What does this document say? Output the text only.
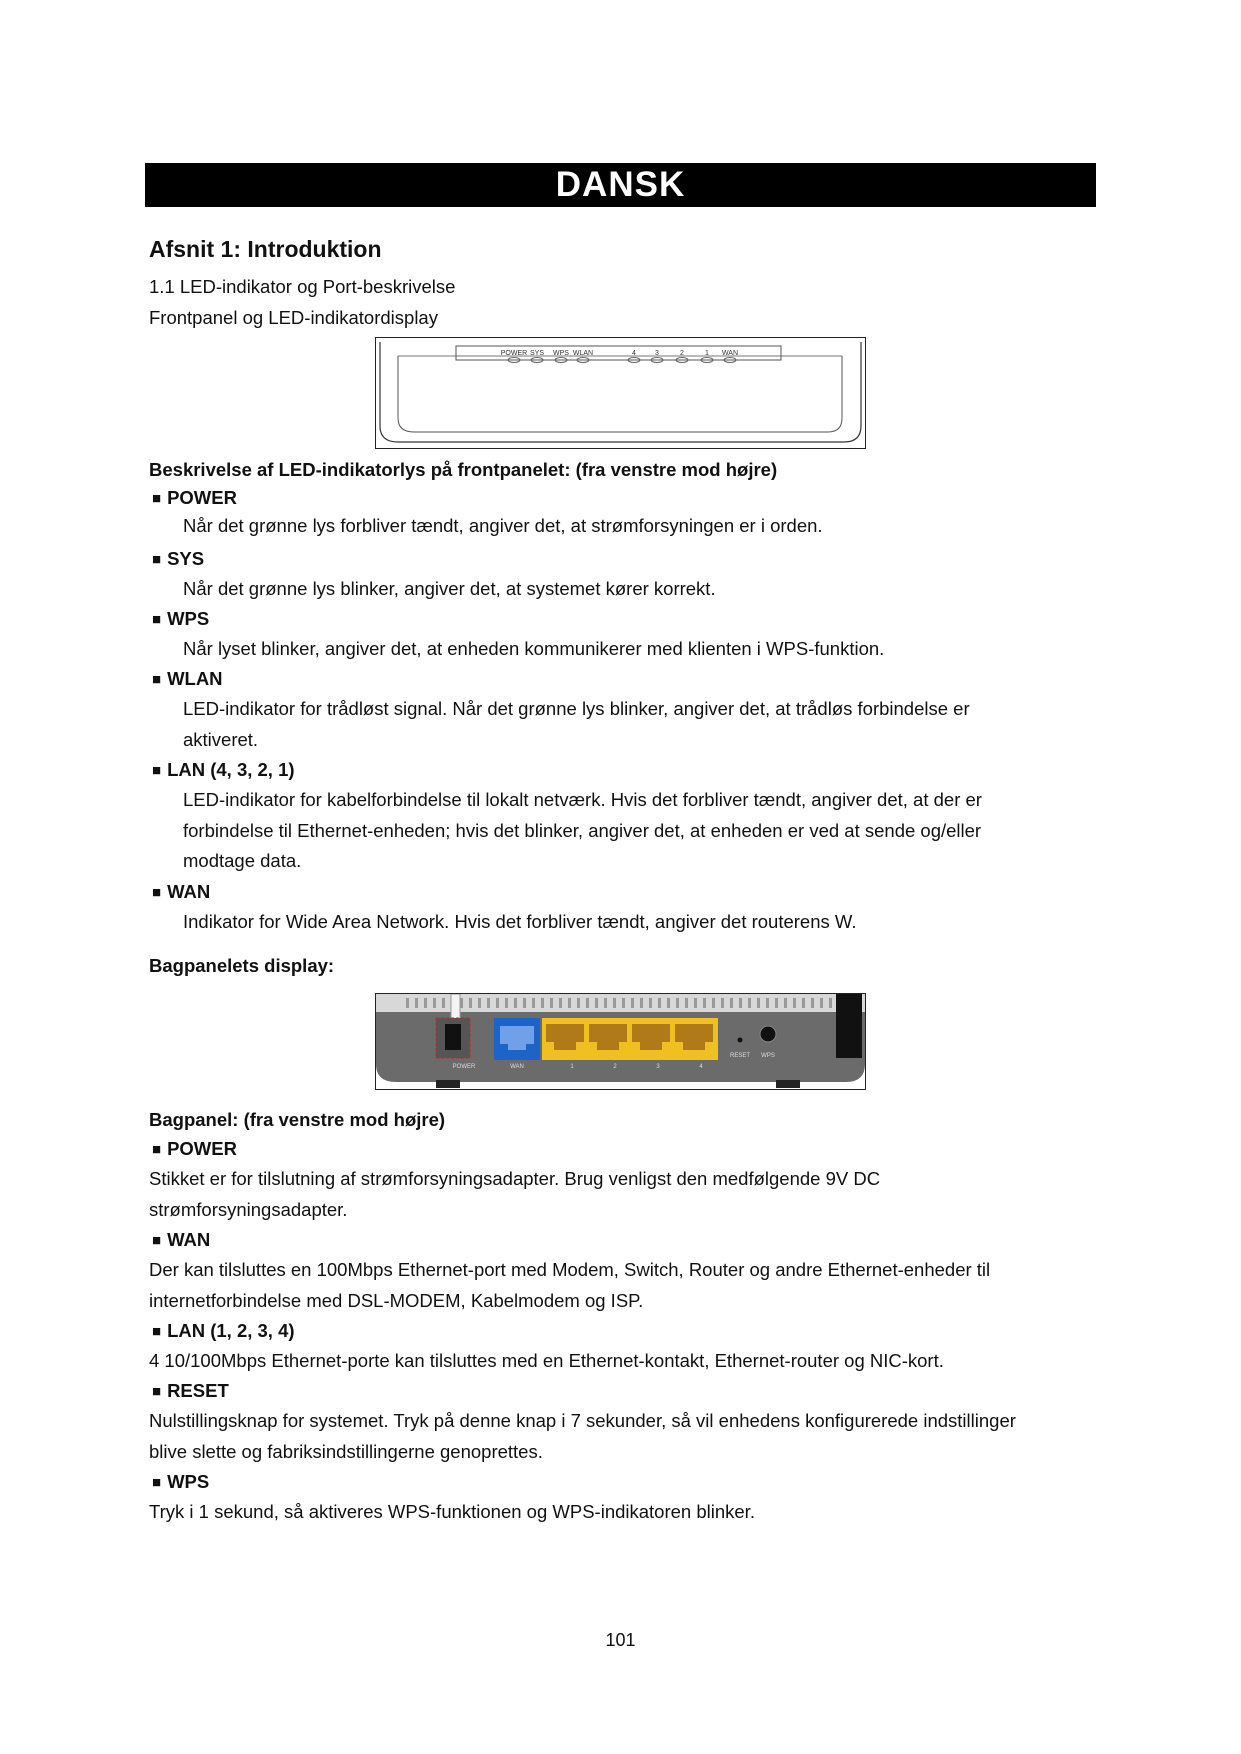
DANSK
Afsnit 1: Introduktion
1.1 LED-indikator og Port-beskrivelse
Frontpanel og LED-indikatordisplay
POWER SYS WPS WLAN	4	3	2	1 WAN
Beskrivelse af LED-indikatorlys på frontpanelet: (fra venstre mod højre)
■ POWER
Når det grønne lys forbliver tændt, angiver det, at strømforsyningen er i orden.
■ SYS
Når det grønne lys blinker, angiver det, at systemet kører korrekt.
■ WPS
Når lyset blinker, angiver det, at enheden kommunikerer med klienten i WPS-funktion.
■ WLAN
LED-indikator for trådløst signal. Når det grønne lys blinker, angiver det, at trådløs forbindelse er
aktiveret.
■ LAN (4, 3, 2, 1)
LED-indikator for kabelforbindelse til lokalt netværk. Hvis det forbliver tændt, angiver det, at der er
forbindelse til Ethernet-enheden; hvis det blinker, angiver det, at enheden er ved at sende og/eller
modtage data.
■ WAN
Indikator for Wide Area Network. Hvis det forbliver tændt, angiver det routerens W.
Bagpanelets display:
POWER	WAN	1	2	3	4
RESET WPS
Bagpanel: (fra venstre mod højre)
■ POWER
Stikket er for tilslutning af strømforsyningsadapter. Brug venligst den medfølgende 9V DC
strømforsyningsadapter.
■ WAN
Der kan tilsluttes en 100Mbps Ethernet-port med Modem, Switch, Router og andre Ethernet-enheder til
internetforbindelse med DSL-MODEM, Kabelmodem og ISP.
■ LAN (1, 2, 3, 4)
4 10/100Mbps Ethernet-porte kan tilsluttes med en Ethernet-kontakt, Ethernet-router og NIC-kort.
■ RESET
Nulstillingsknap for systemet. Tryk på denne knap i 7 sekunder, så vil enhedens konfigurerede indstillinger
blive slette og fabriksindstillingerne genoprettes.
■ WPS
Tryk i 1 sekund, så aktiveres WPS-funktionen og WPS-indikatoren blinker.
101
